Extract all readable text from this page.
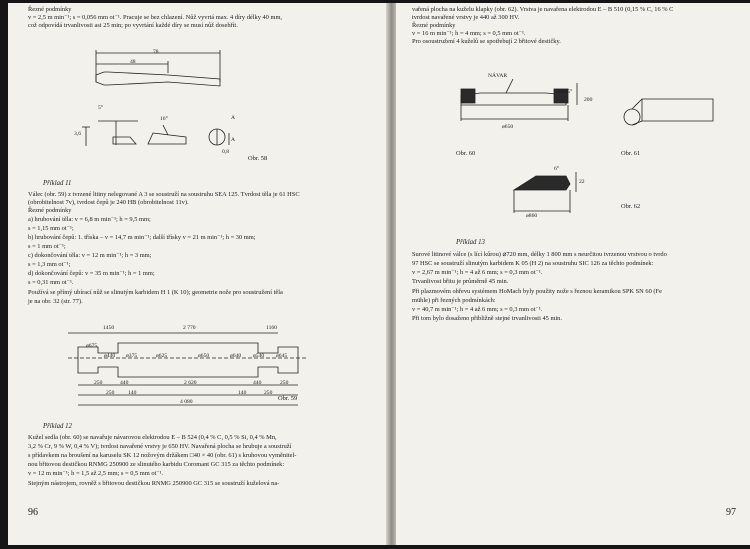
Řezné podmínky
v = 2,5 m min⁻¹; s = 0,056 mm ot⁻¹. Pracuje se bez chlazení. Nůž vyvrtá max. 4 díry délky 40 mm,
což odpovídá trvanlivosti asi 25 min; po vyvrtání každé díry se musí nůž dosehřít.
78
48
5°
16°
3,6
0,8
A
A
Obr. 58
Příklad 11
Válec (obr. 59) z tvrzené litiny nelegované A 3 se soustruží na soustruhu SEA 125. Tvrdost těla je 61 HSC
(obrobitelnost 7v), tvrdost čepů je 240 HB (obrobitelnost 11v).
Řezné podmínky
a) hrubování těla: v = 6,8 m min⁻¹; h = 9,5 mm;
s = 1,15 mm ot⁻¹;
b) hrubování čepů: 1. tříska – v = 14,7 m min⁻¹; další třísky v = 21 m min⁻¹; h = 30 mm;
s = 1 mm ot⁻¹;
c) dokončování těla: v = 12 m min⁻¹; h = 3 mm;
s = 1,3 mm ot⁻¹;
d) dokončování čepů: v = 35 m min⁻¹; h = 1 mm;
s = 0,31 mm ot⁻¹.
Používá se přímý ubírací nůž se slinutým karbidem H 1 (K 10); geometrie nože pro soustružení těla
je na obr. 32 (str. 77).
1450	2 770	1160
ø675
ø440 ø375	ø625	ø650	ø640 ø540 ø645
250	440	2 620	440	250
250 140	140	250
4 080	Obr. 59
Příklad 12
Kužel sedla (obr. 60) se navařuje návarovou elektrodou E – B 524 (0,4 % C, 0,5 % Si, 0,4 % Mn,
3,2 % Cr, 9 % W, 0,4 % V); tvrdost navařené vrstvy je 650 HV. Navařená plocha se hrubuje a soustruží
s přídavkem na broušení na karuselu SK 12 nožovým držákem □40 × 40 (obr. 61) s kruhovou vyměnitel-
nou břitovou destičkou RNMG 250900 ze slinutého karbidu Coromant GC 315 za těchto podmínek:
v = 12 m min⁻¹; h = 1,5 až 2,5 mm; s = 0,5 mm ot⁻¹.
Stejným nástrojem, rovněž s břitovou destičkou RNMG 250900 GC 315 se soustruží kuželová na-
96
vařená plocha na kuželu klapky (obr. 62). Vrstva je navařena elektrodou E – B 510 (0,15 % C, 16 % C
tvrdost navařené vrstvy je 440 až 300 HV.
Řezné podmínky
v = 16 m min⁻¹; h = 4 mm; s = 0,5 mm ot⁻¹.
Pro osoustružení 4 kuželů se spotřebují 2 břitové destičky.
NÁVAR
30x45°
200
ø650
Obr. 60	Obr. 61
6°
22
ø860
Obr. 62
Příklad 13
Surové litinové válce (s lící kůrou) ⌀720 mm, délky 1 800 mm s neurčitou tvrzenou vrstvou o tvrdo
97 HSC se soustruží slinutým karbidem K 05 (H 2) na soustruhu SIC 126 za těchto podmínek:
v = 2,67 m min⁻¹; h = 4 až 6 mm; s = 0,3 mm ot⁻¹.
Trvanlivost břitu je průměrně 45 min.
Při plazmovém ohřevu systémem HoMach byly použity nože s řeznou keramikou SPK SN 60 (Fe
mühle) při řezných podmínkách:
v = 40,7 m min⁻¹; h = 4 až 6 mm; s = 0,3 mm ot⁻¹.
Při tom bylo dosaženo přibližně stejné trvanlivosti 45 min.
97
